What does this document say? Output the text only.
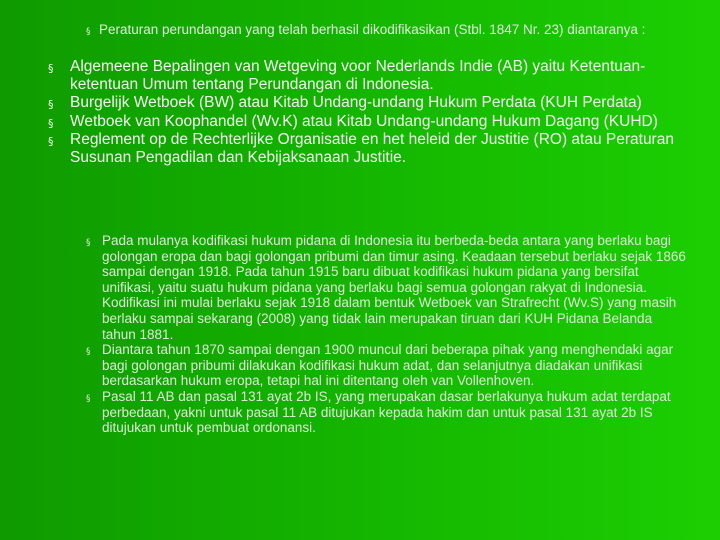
§ Peraturan perundangan yang telah berhasil dikodifikasikan (Stbl. 1847 Nr. 23) diantaranya :
§ Algemeene Bepalingen van Wetgeving voor Nederlands Indie (AB) yaitu Ketentuan-ketentuan Umum tentang Perundangan di Indonesia.
§ Burgelijk Wetboek (BW) atau Kitab Undang-undang Hukum Perdata (KUH Perdata)
§ Wetboek van Koophandel (Wv.K) atau Kitab Undang-undang Hukum Dagang (KUHD)
§ Reglement op de Rechterlijke Organisatie en het heleid der Justitie (RO) atau Peraturan Susunan Pengadilan dan Kebijaksanaan Justitie.
§ Pada mulanya kodifikasi hukum pidana di Indonesia itu berbeda-beda antara yang berlaku bagi golongan eropa dan bagi golongan pribumi dan timur asing. Keadaan tersebut berlaku sejak 1866 sampai dengan 1918. Pada tahun 1915 baru dibuat kodifikasi hukum pidana yang bersifat unifikasi, yaitu suatu hukum pidana yang berlaku bagi semua golongan rakyat di Indonesia. Kodifikasi ini mulai berlaku sejak 1918 dalam bentuk Wetboek van Strafrecht (Wv.S) yang masih berlaku sampai sekarang (2008) yang tidak lain merupakan tiruan dari KUH Pidana Belanda tahun 1881.
§ Diantara tahun 1870 sampai dengan 1900 muncul dari beberapa pihak yang menghendaki agar bagi golongan pribumi dilakukan kodifikasi hukum adat, dan selanjutnya diadakan unifikasi berdasarkan hukum eropa, tetapi hal ini ditentang oleh van Vollenhoven.
§ Pasal 11 AB dan pasal 131 ayat 2b IS, yang merupakan dasar berlakunya hukum adat terdapat perbedaan, yakni untuk pasal 11 AB ditujukan kepada hakim dan untuk pasal 131 ayat 2b IS ditujukan untuk pembuat ordonansi.
